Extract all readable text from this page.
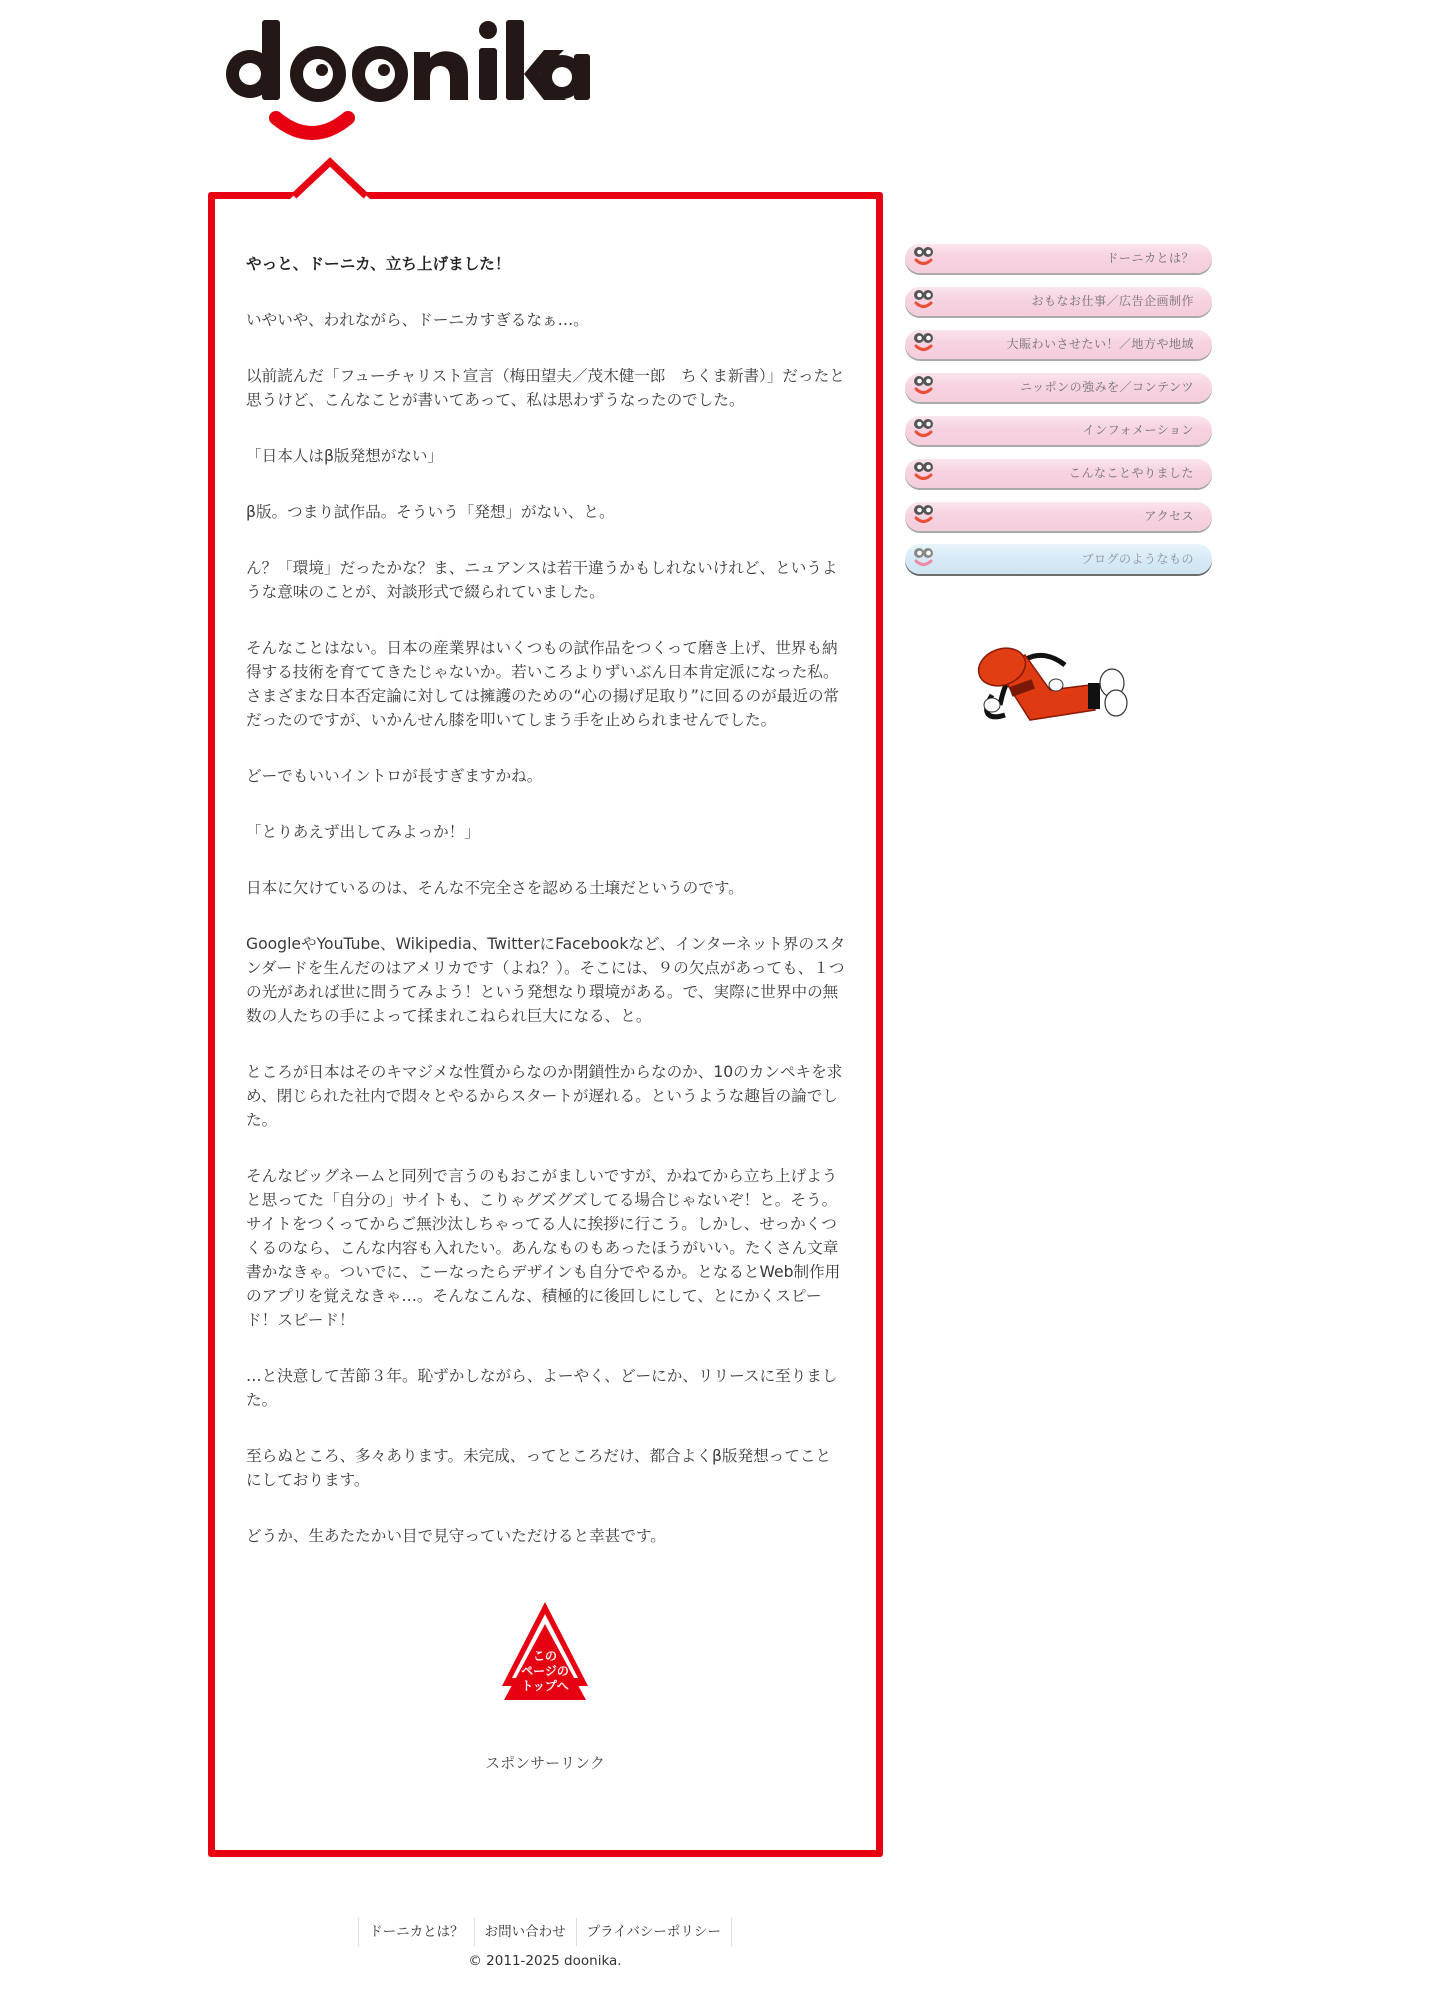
やっと、ドーニカ、立ち上げました！

いやいや、われながら、ドーニカすぎるなぁ…。

以前読んだ「フューチャリスト宣言（梅田望夫／茂木健一郎　ちくま新書）」だったと思うけど、こんなことが書いてあって、私は思わずうなったのでした。

「日本人はβ版発想がない」

β版。つまり試作品。そういう「発想」がない、と。

ん？「環境」だったかな？ま、ニュアンスは若干違うかもしれないけれど、というような意味のことが、対談形式で綴られていました。

そんなことはない。日本の産業界はいくつもの試作品をつくって磨き上げ、世界も納得する技術を育ててきたじゃないか。若いころよりずいぶん日本肯定派になった私。さまざまな日本否定論に対しては擁護のための“心の揚げ足取り”に回るのが最近の常だったのですが、いかんせん膝を叩いてしまう手を止められませんでした。

どーでもいいイントロが長すぎますかね。

「とりあえず出してみよっか！」

日本に欠けているのは、そんな不完全さを認める土壌だというのです。

GoogleやYouTube、Wikipedia、TwitterにFacebookなど、インターネット界のスタンダードを生んだのはアメリカです（よね？）。そこには、９の欠点があっても、１つの光があれば世に問うてみよう！という発想なり環境がある。で、実際に世界中の無数の人たちの手によって揉まれこねられ巨大になる、と。

ところが日本はそのキマジメな性質からなのか閉鎖性からなのか、10のカンペキを求め、閉じられた社内で悶々とやるからスタートが遅れる。というような趣旨の論でした。

そんなビッグネームと同列で言うのもおこがましいですが、かねてから立ち上げようと思ってた「自分の」サイトも、こりゃグズグズしてる場合じゃないぞ！と。そう。サイトをつくってからご無沙汰しちゃってる人に挨拶に行こう。しかし、せっかくつくるのなら、こんな内容も入れたい。あんなものもあったほうがいい。たくさん文章書かなきゃ。ついでに、こーなったらデザインも自分でやるか。となるとWeb制作用のアプリを覚えなきゃ…。そんなこんな、積極的に後回しにして、とにかくスピード！スピード！

…と決意して苦節３年。恥ずかしながら、よーやく、どーにか、リリースに至りました。

至らぬところ、多々あります。未完成、ってところだけ、都合よくβ版発想ってことにしております。

どうか、生あたたかい目で見守っていただけると幸甚です。

この
ページの
トップへ
スポンサーリンク
ドーニカとは？
おもなお仕事／広告企画制作
大賑わいさせたい！／地方や地域
ニッポンの強みを／コンテンツ
インフォメーション
こんなことやりました
アクセス
ブログのようなもの
ドーニカとは？	お問い合わせ	プライバシーポリシー
© 2011-2025 doonika.
